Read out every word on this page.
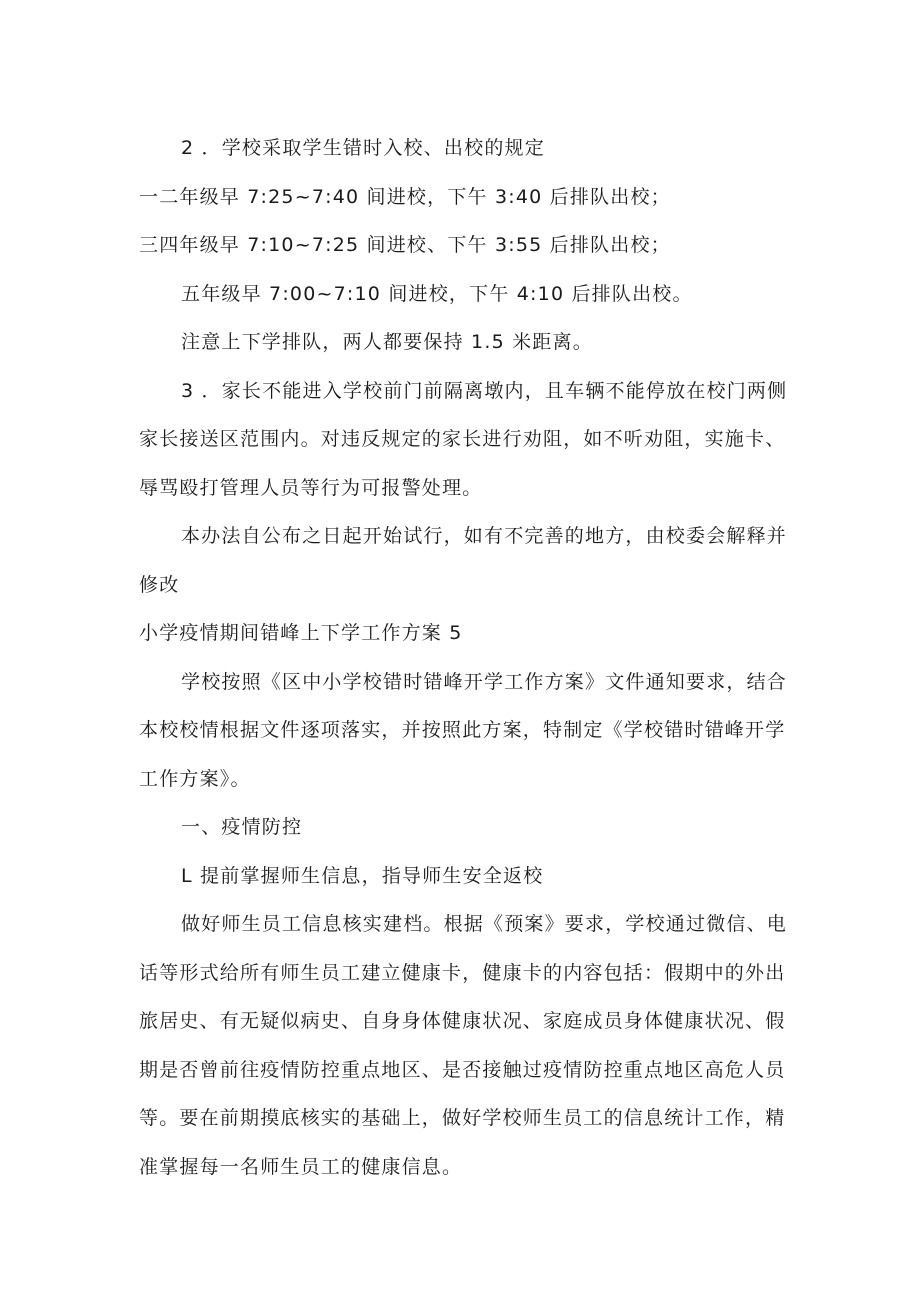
2 ．学校采取学生错时入校、出校的规定

一二年级早 7:25~7:40 间进校，下午 3:40 后排队出校；

三四年级早 7:10~7:25 间进校、下午 3:55 后排队出校；

五年级早 7:00~7:10 间进校，下午 4:10 后排队出校。

注意上下学排队，两人都要保持 1.5 米距离。

3 ．家长不能进入学校前门前隔离墩内，且车辆不能停放在校门两侧
家长接送区范围内。对违反规定的家长进行劝阻，如不听劝阻，实施卡、
辱骂殴打管理人员等行为可报警处理。

本办法自公布之日起开始试行，如有不完善的地方，由校委会解释并
修改

小学疫情期间错峰上下学工作方案 5

学校按照《区中小学校错时错峰开学工作方案》文件通知要求，结合
本校校情根据文件逐项落实，并按照此方案，特制定《学校错时错峰开学
工作方案》。

一、疫情防控

L 提前掌握师生信息，指导师生安全返校

做好师生员工信息核实建档。根据《预案》要求，学校通过微信、电
话等形式给所有师生员工建立健康卡，健康卡的内容包括：假期中的外出
旅居史、有无疑似病史、自身身体健康状况、家庭成员身体健康状况、假
期是否曾前往疫情防控重点地区、是否接触过疫情防控重点地区高危人员
等。要在前期摸底核实的基础上，做好学校师生员工的信息统计工作，精
准掌握每一名师生员工的健康信息。
